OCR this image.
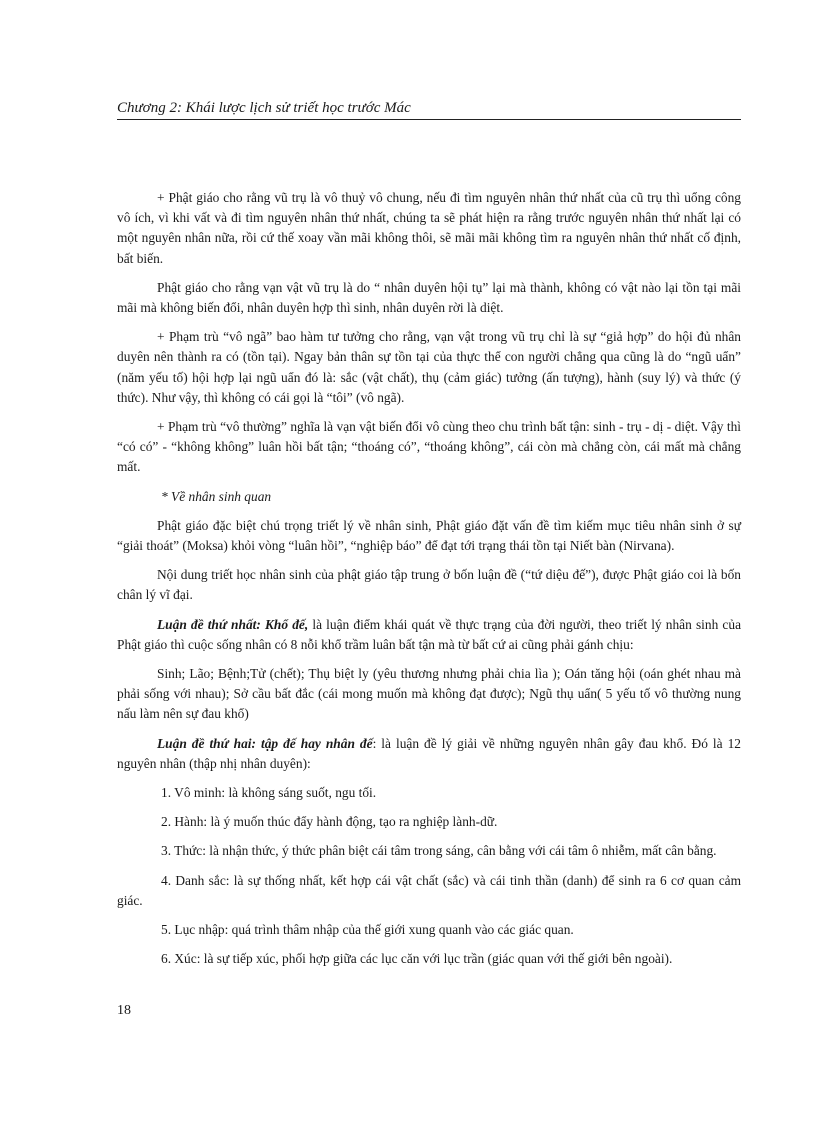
Chương 2: Khái lược lịch sử triết học trước Mác

+ Phật giáo cho rằng vũ trụ là vô thuỷ vô chung, nếu đi tìm nguyên nhân thứ nhất của cũ trụ thì uổng công vô ích, vì khi vất và đi tìm nguyên nhân thứ nhất, chúng ta sẽ phát hiện ra rằng trước nguyên nhân thứ nhất lại có một nguyên nhân nữa, rồi cứ thế xoay vần mãi không thôi, sẽ mãi mãi không tìm ra nguyên nhân thứ nhất cố định, bất biến.

Phật giáo cho rằng vạn vật vũ trụ là do “ nhân duyên hội tụ” lại mà thành, không có vật nào lại tồn tại mãi mãi mà không biến đổi, nhân duyên hợp thì sinh, nhân duyên rời là diệt.

+ Phạm trù “vô ngã” bao hàm tư tưởng cho rằng, vạn vật trong vũ trụ chỉ là sự “giả hợp” do hội đủ nhân duyên nên thành ra có (tồn tại). Ngay bản thân sự tồn tại của thực thể con người chẳng qua cũng là do “ngũ uẩn” (năm yếu tố) hội hợp lại ngũ uẩn đó là: sắc (vật chất), thụ (cảm giác) tưởng (ấn tượng), hành (suy lý) và thức (ý thức). Như vậy, thì không có cái gọi là “tôi” (vô ngã).

+ Phạm trù “vô thường” nghĩa là vạn vật biến đổi vô cùng theo chu trình bất tận: sinh - trụ - dị - diệt. Vậy thì “có có” - “không không” luân hồi bất tận; “thoáng có”, “thoáng không”, cái còn mà chẳng còn, cái mất mà chẳng mất.

* Về nhân sinh quan

Phật giáo đặc biệt chú trọng triết lý về nhân sinh, Phật giáo đặt vấn đề tìm kiếm mục tiêu nhân sinh ở sự “giải thoát” (Moksa) khỏi vòng “luân hồi”, “nghiệp báo” để đạt tới trạng thái tồn tại Niết bàn (Nirvana).

Nội dung triết học nhân sinh của phật giáo tập trung ở bốn luận đề (“tứ diệu đế”), được Phật giáo coi là bốn chân lý vĩ đại.

Luận đề thứ nhất: Khổ đế, là luận điểm khái quát về thực trạng của đời người, theo triết lý nhân sinh của Phật giáo thì cuộc sống nhân có 8 nỗi khổ trầm luân bất tận mà từ bất cứ ai cũng phải gánh chịu:

Sinh; Lão; Bệnh;Tử (chết); Thụ biệt ly (yêu thương nhưng phải chia lìa ); Oán tăng hội (oán ghét nhau mà phải sống với nhau); Sở cầu bất đắc (cái mong muốn mà không đạt được); Ngũ thụ uẩn( 5 yếu tố vô thường nung nấu làm nên sự đau khổ)

Luận đề thứ hai: tập đế hay nhân đế: là luận đề lý giải về những nguyên nhân gây đau khổ. Đó là 12 nguyên nhân (thập nhị nhân duyên):

1. Vô minh: là không sáng suốt, ngu tối.

2. Hành: là ý muốn thúc đẩy hành động, tạo ra nghiệp lành-dữ.

3. Thức: là nhận thức, ý thức phân biệt cái tâm trong sáng, cân bằng với cái tâm ô nhiễm, mất cân bằng.

4. Danh sắc: là sự thống nhất, kết hợp cái vật chất (sắc) và cái tinh thần (danh) để sinh ra 6 cơ quan cảm giác.

5. Lục nhập: quá trình thâm nhập của thế giới xung quanh vào các giác quan.

6. Xúc: là sự tiếp xúc, phối hợp giữa các lục căn với lục trần (giác quan với thế giới bên ngoài).

18
